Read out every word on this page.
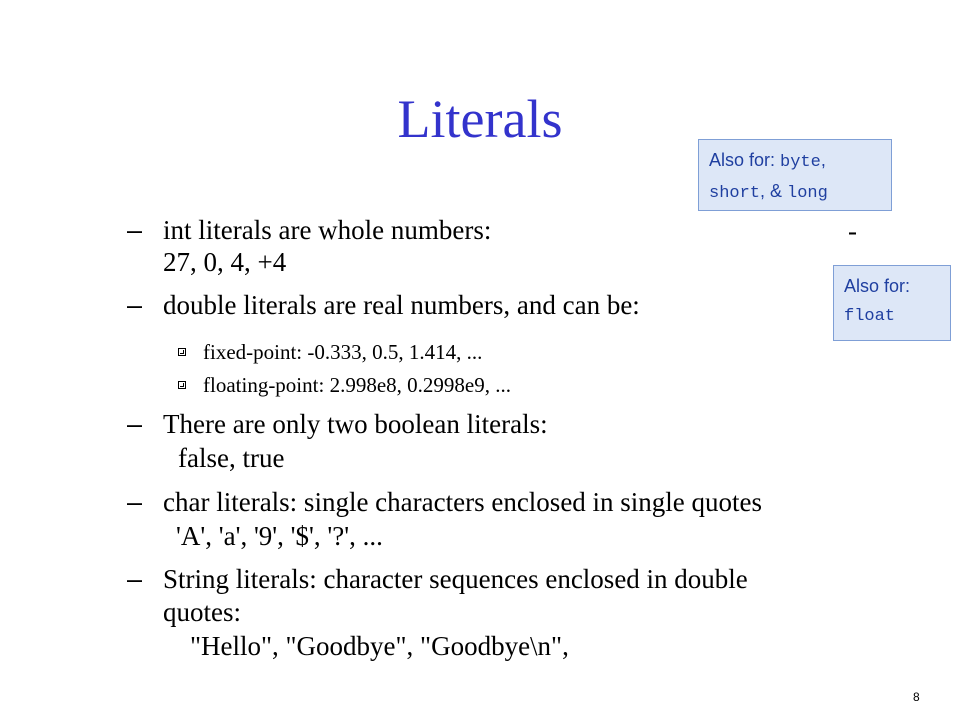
Literals
Also for: byte,
short, & long
Also for:
float
– int literals are whole numbers:	-
27, 0, 4, +4
– double literals are real numbers, and can be:
fixed-point: -0.333, 0.5, 1.414, ...
floating-point: 2.998e8, 0.2998e9, ...
– There are only two boolean literals:
false, true
– char literals: single characters enclosed in single quotes
'A', 'a', '9', '$', '?', ...
– String literals: character sequences enclosed in double
quotes:
"Hello", "Goodbye", "Goodbye\n",
8
